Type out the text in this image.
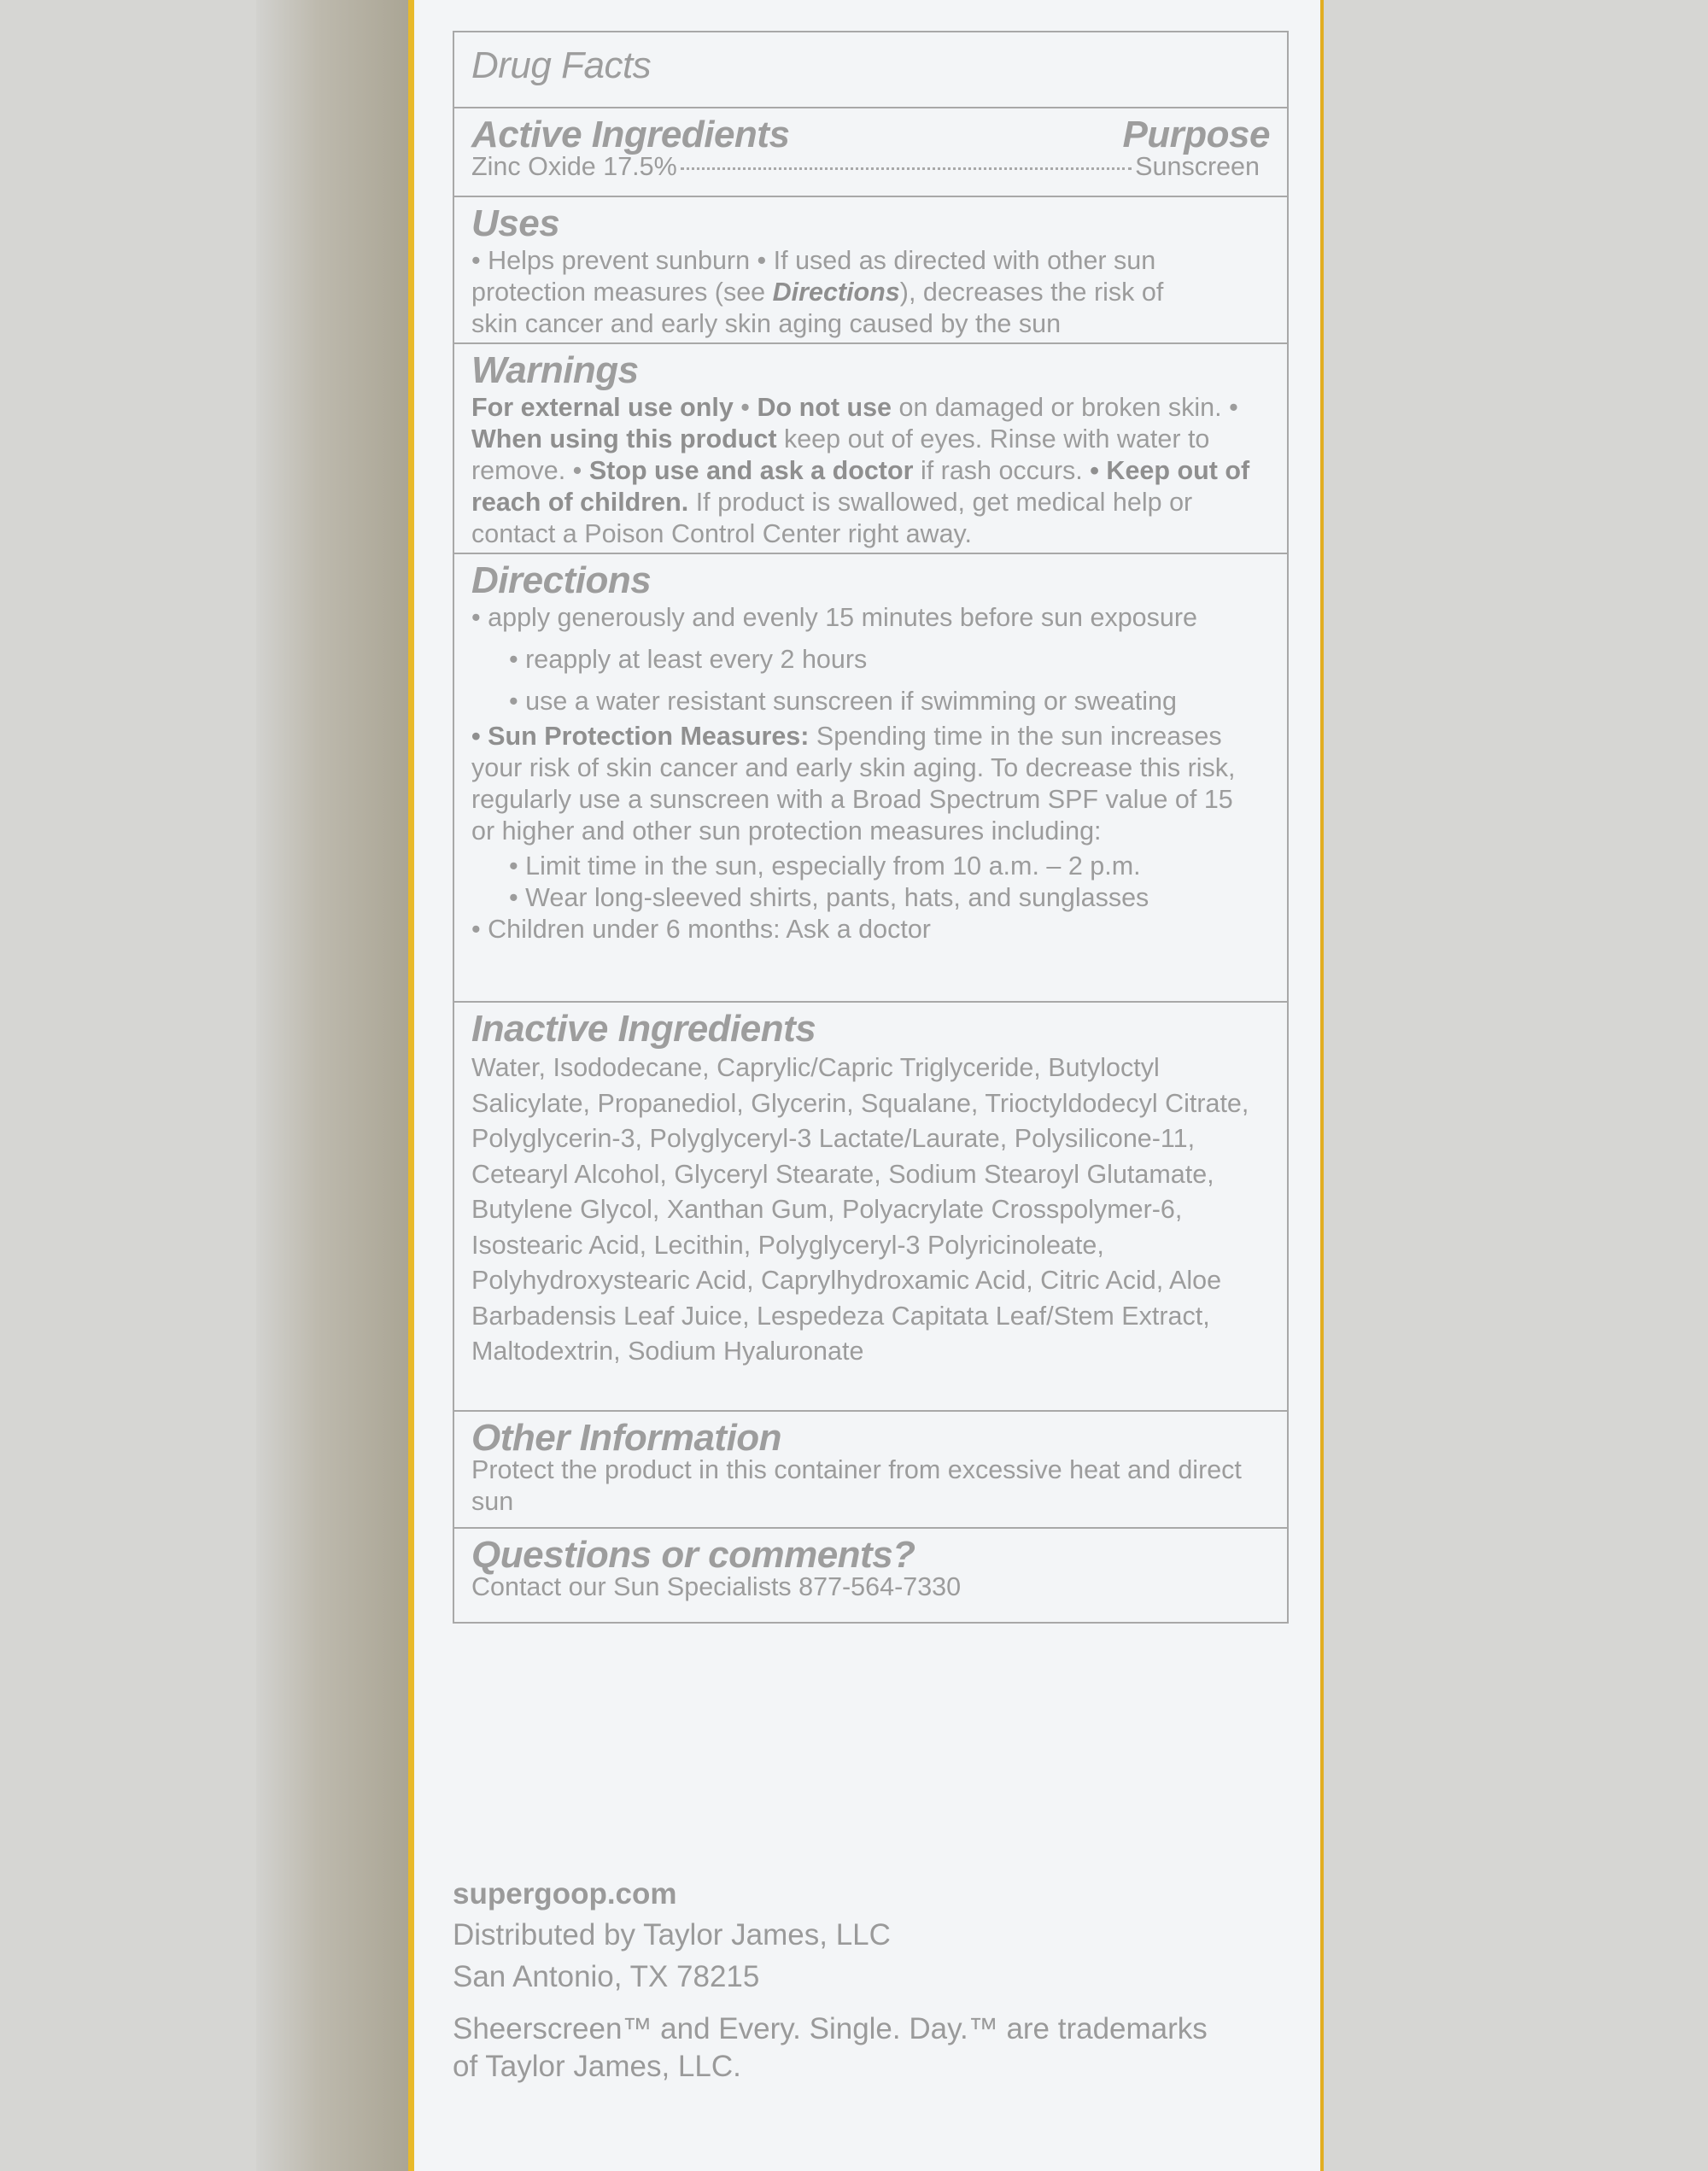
Drug Facts
Active Ingredients	Purpose
Zinc Oxide 17.5%	Sunscreen
Uses
• Helps prevent sunburn • If used as directed with other sun
protection measures (see Directions), decreases the risk of
skin cancer and early skin aging caused by the sun
Warnings
For external use only • Do not use on damaged or broken skin. • When using this product keep out of eyes. Rinse with water to remove. • Stop use and ask a doctor if rash occurs. • Keep out of reach of children. If product is swallowed, get medical help or contact a Poison Control Center right away.
Directions
• apply generously and evenly 15 minutes before sun exposure
• reapply at least every 2 hours
• use a water resistant sunscreen if swimming or sweating
• Sun Protection Measures: Spending time in the sun increases your risk of skin cancer and early skin aging. To decrease this risk, regularly use a sunscreen with a Broad Spectrum SPF value of 15 or higher and other sun protection measures including:
• Limit time in the sun, especially from 10 a.m. – 2 p.m.
• Wear long-sleeved shirts, pants, hats, and sunglasses
• Children under 6 months: Ask a doctor
Inactive Ingredients
Water, Isododecane, Caprylic/Capric Triglyceride, Butyloctyl Salicylate, Propanediol, Glycerin, Squalane, Trioctyldodecyl Citrate, Polyglycerin-3, Polyglyceryl-3 Lactate/Laurate, Polysilicone-11, Cetearyl Alcohol, Glyceryl Stearate, Sodium Stearoyl Glutamate, Butylene Glycol, Xanthan Gum, Polyacrylate Crosspolymer-6, Isostearic Acid, Lecithin, Polyglyceryl-3 Polyricinoleate, Polyhydroxystearic Acid, Caprylhydroxamic Acid, Citric Acid, Aloe Barbadensis Leaf Juice, Lespedeza Capitata Leaf/Stem Extract, Maltodextrin, Sodium Hyaluronate
Other Information
Protect the product in this container from excessive heat and direct sun
Questions or comments?
Contact our Sun Specialists 877-564-7330
supergoop.com
Distributed by Taylor James, LLC
San Antonio, TX 78215
Sheerscreen™ and Every. Single. Day.™ are trademarks
of Taylor James, LLC.
